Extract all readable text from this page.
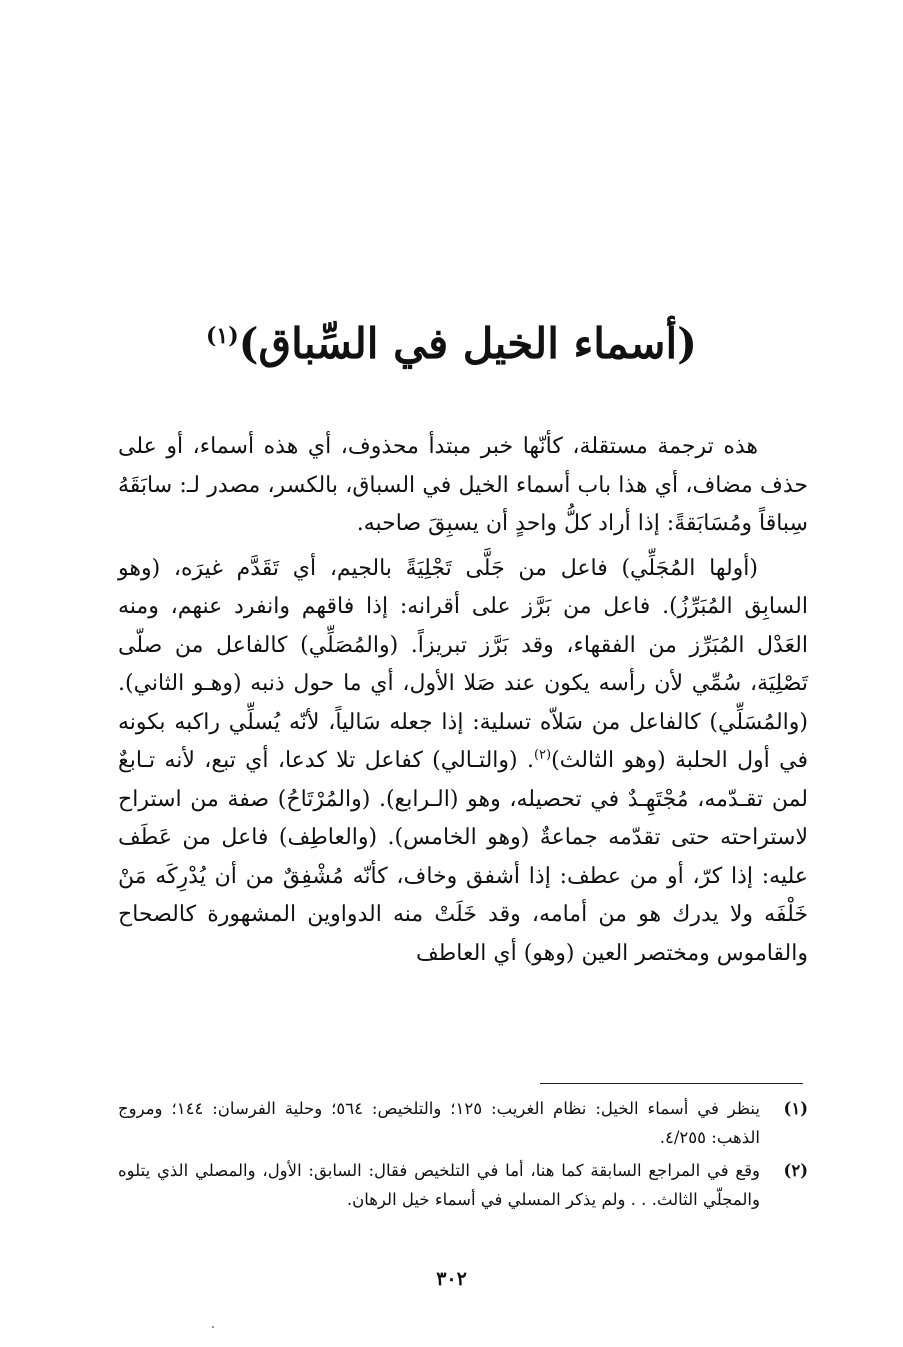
(أسماء الخيل في السِّباق)$^{(١)}$

هذه ترجمة مستقلة، كأنّها خبر مبتدأ محذوف، أي هذه أسماء، أو على حذف مضاف، أي هذا باب أسماء الخيل في السباق، بالكسر، مصدر لـ: سابَقَهُ سِباقاً ومُسَابَقةً: إذا أراد كلُّ واحدٍ أن يسبِقَ صاحبه.

(أولها المُجَلِّي) فاعل من جَلَّى تَجْلِيَةً بالجيم، أي تَقَدَّم غيرَه، (وهو السابِق المُبَرِّزُ). فاعل من بَرَّز على أقرانه: إذا فاقهم وانفرد عنهم، ومنه العَدْل المُبَرِّز من الفقهاء، وقد بَرَّز تبريزاً. (والمُصَلِّي) كالفاعل من صلّى تَصْلِيَة، سُمِّي لأن رأسه يكون عند صَلا الأول، أي ما حول ذنبه (وهـو الثاني). (والمُسَلِّي) كالفاعل من سَلاّه تسلية: إذا جعله سَالياً، لأنّه يُسلِّي راكبه بكونه في أول الحلبة (وهو الثالث)$^{(٢)}$. (والتـالي) كفاعل تلا كدعا، أي تبع، لأنه تـابعٌ لمن تقـدّمه، مُجْتَهِـدٌ في تحصيله، وهو (الـرابع). (والمُرْتَاحُ) صفة من استراح لاستراحته حتى تقدّمه جماعةٌ (وهو الخامس). (والعاطِف) فاعل من عَطَف عليه: إذا كرّ، أو من عطف: إذا أشفق وخاف، كأنّه مُشْفِقٌ من أن يُدْرِكَه مَنْ خَلْفَه ولا يدرك هو من أمامه، وقد خَلَتْ منه الدواوين المشهورة كالصحاح والقاموس ومختصر العين (وهو) أي العاطف

(١)
ينظر في أسماء الخيل: نظام الغريب: ١٢٥؛ والتلخيص: ٥٦٤؛ وحلية الفرسان: ١٤٤؛ ومروج الذهب: ٤/٢٥٥.
(٢)
وقع في المراجع السابقة كما هنا، أما في التلخيص فقال: السابق: الأول، والمصلي الذي يتلوه والمجلّي الثالث. . . ولم يذكر المسلي في أسماء خيل الرهان.
٣٠٢
